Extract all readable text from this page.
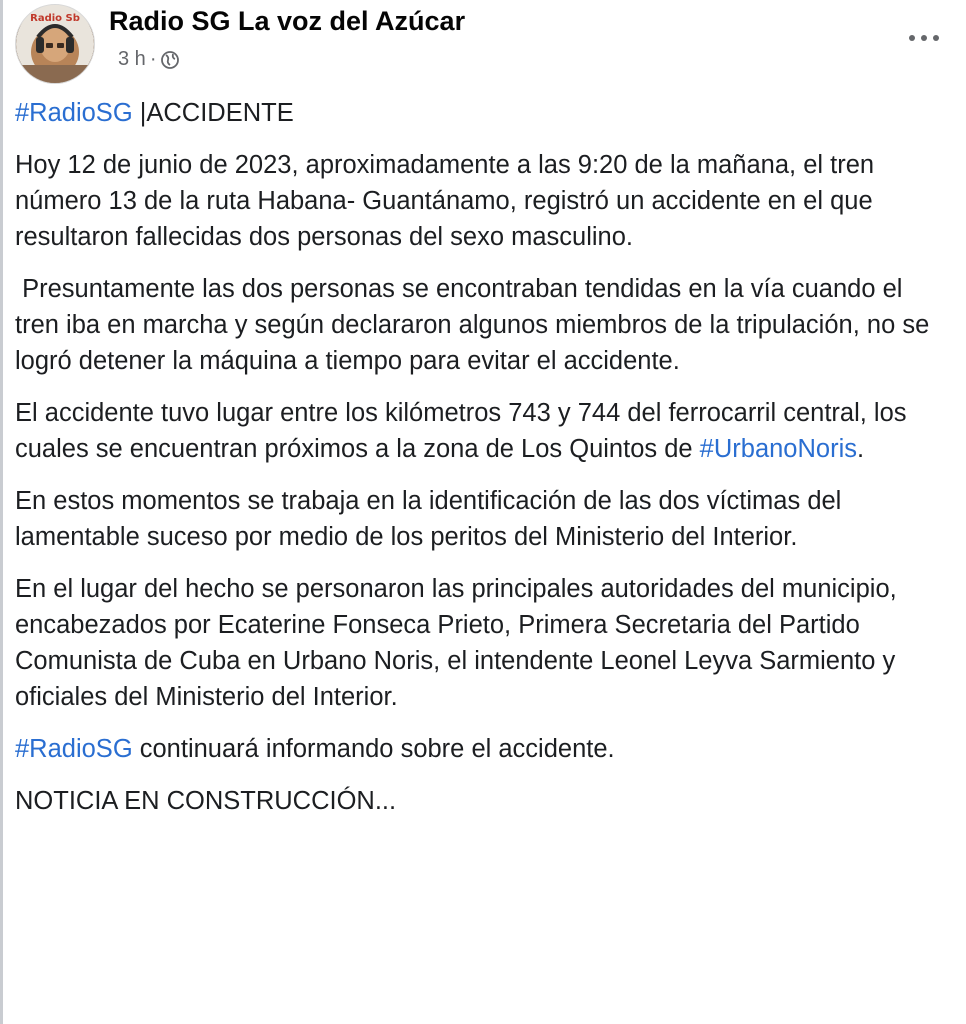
Radio Sb Radio SG La voz del Azúcar
3 h ·

#RadioSG |ACCIDENTE

Hoy 12 de junio de 2023, aproximadamente a las 9:20 de la mañana, el tren número 13 de la ruta Habana- Guantánamo, registró un accidente en el que resultaron fallecidas dos personas del sexo masculino.

Presuntamente las dos personas se encontraban tendidas en la vía cuando el tren iba en marcha y según declararon algunos miembros de la tripulación, no se logró detener la máquina a tiempo para evitar el accidente.

El accidente tuvo lugar entre los kilómetros 743 y 744 del ferrocarril central, los cuales se encuentran próximos a la zona de Los Quintos de #UrbanoNoris.

En estos momentos se trabaja en la identificación de las dos víctimas del lamentable suceso por medio de los peritos del Ministerio del Interior.

En el lugar del hecho se personaron las principales autoridades del municipio, encabezados por Ecaterine Fonseca Prieto, Primera Secretaria del Partido Comunista de Cuba en Urbano Noris, el intendente Leonel Leyva Sarmiento y oficiales del Ministerio del Interior.

#RadioSG continuará informando sobre el accidente.

NOTICIA EN CONSTRUCCIÓN...
